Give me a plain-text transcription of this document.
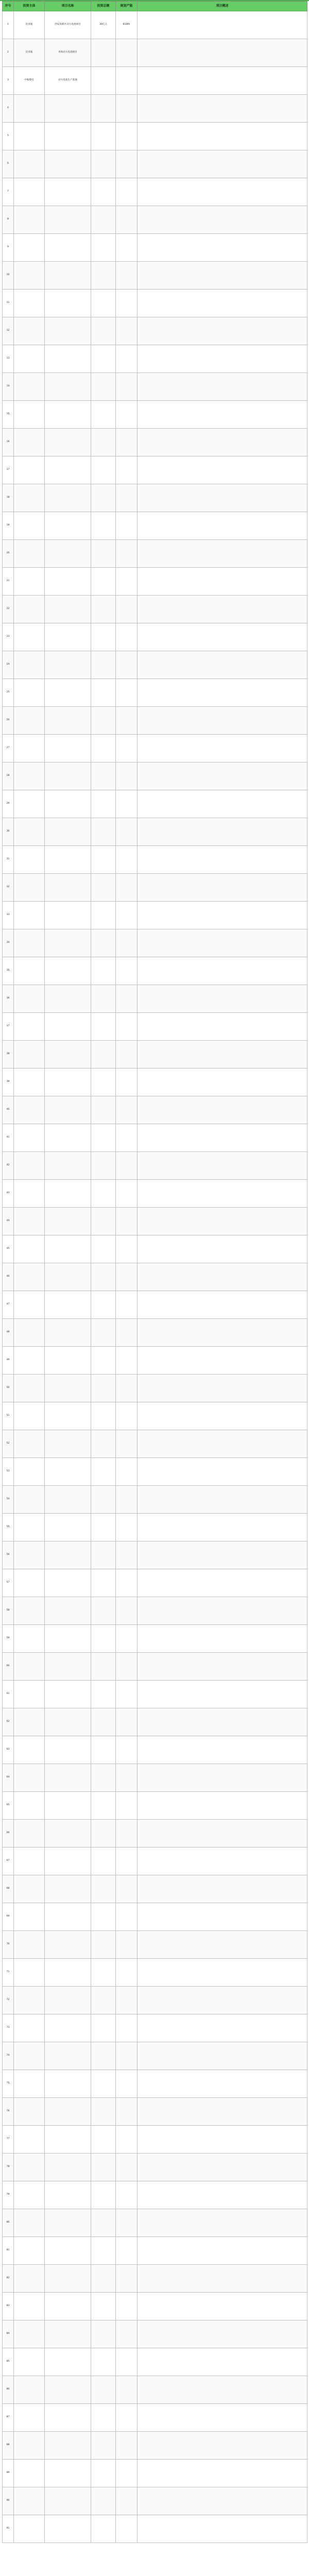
序号	投资主体	项目名称	投资总额	规划产能	项目概述
1	比亚迪	西安高新区动力电池项目	30亿元	6GWh	
2	比亚迪	青海动力电池项目			
3	中航锂电	动力电池生产基地			
4					
5					
6					
7					
8					
9					
10					
11					
12					
13					
14					
15					
16					
17					
18					
19					
20					
21					
22					
23					
24					
25					
26					
27					
28					
29					
30					
31					
32					
33					
34					
35					
36					
37					
38					
39					
40					
41					
42					
43					
44					
45					
46					
47					
48					
49					
50					
51					
52					
53					
54					
55					
56					
57					
58					
59					
60					
61					
62					
63					
64					
65					
66					
67					
68					
69					
70					
71					
72					
73					
74					
75					
76					
77					
78					
79					
80					
81					
82					
83					
84					
85					
86					
87					
88					
89					
90					
91					
